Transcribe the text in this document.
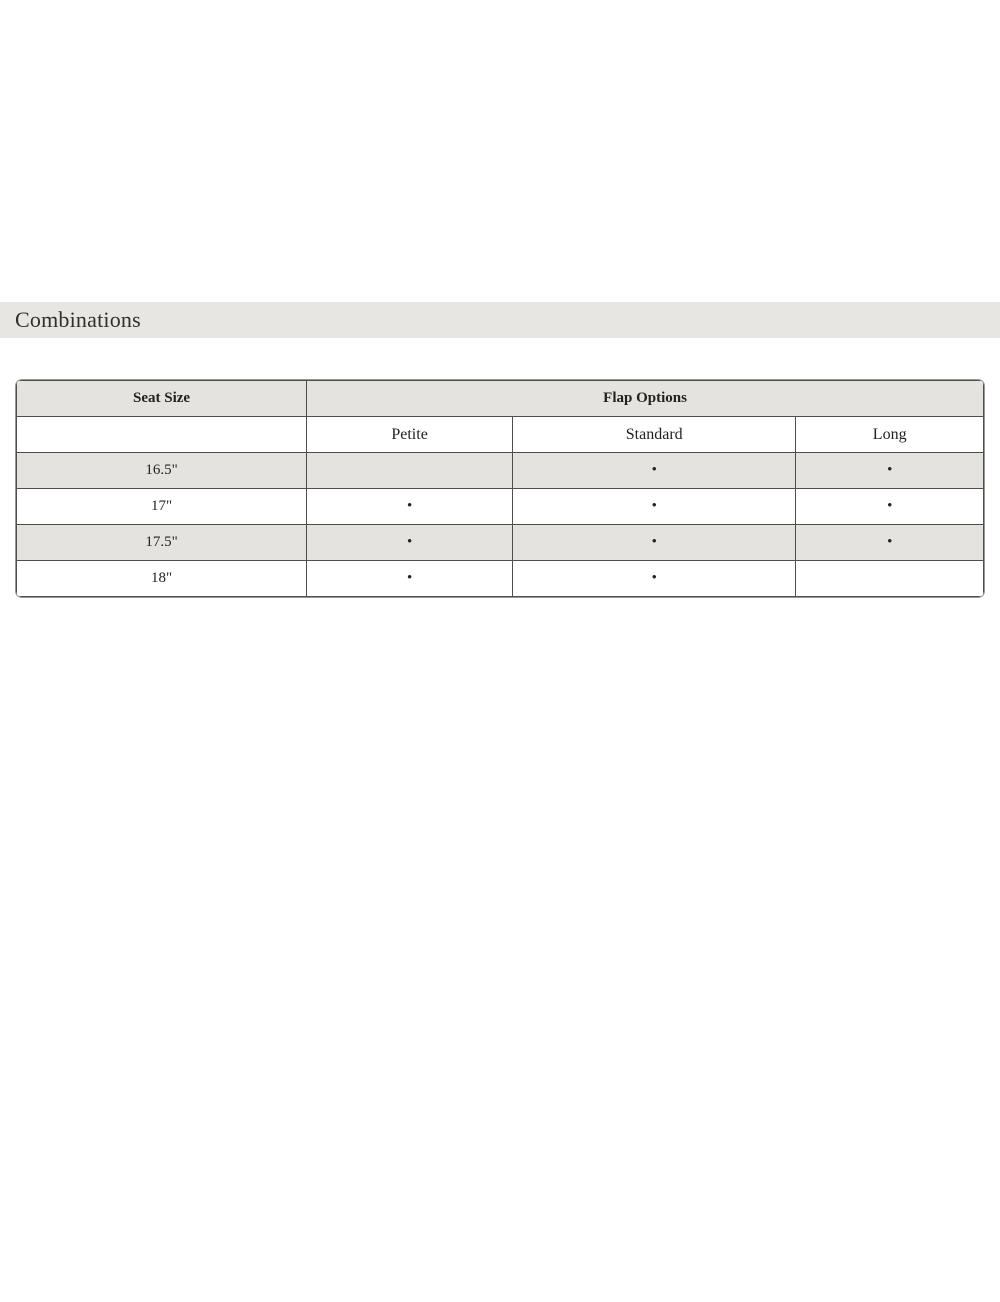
Combinations
Seat Size	Flap Options		
	Petite	Standard	Long
16.5"		•	•
17"	•	•	•
17.5"	•	•	•
18"	•	•	
